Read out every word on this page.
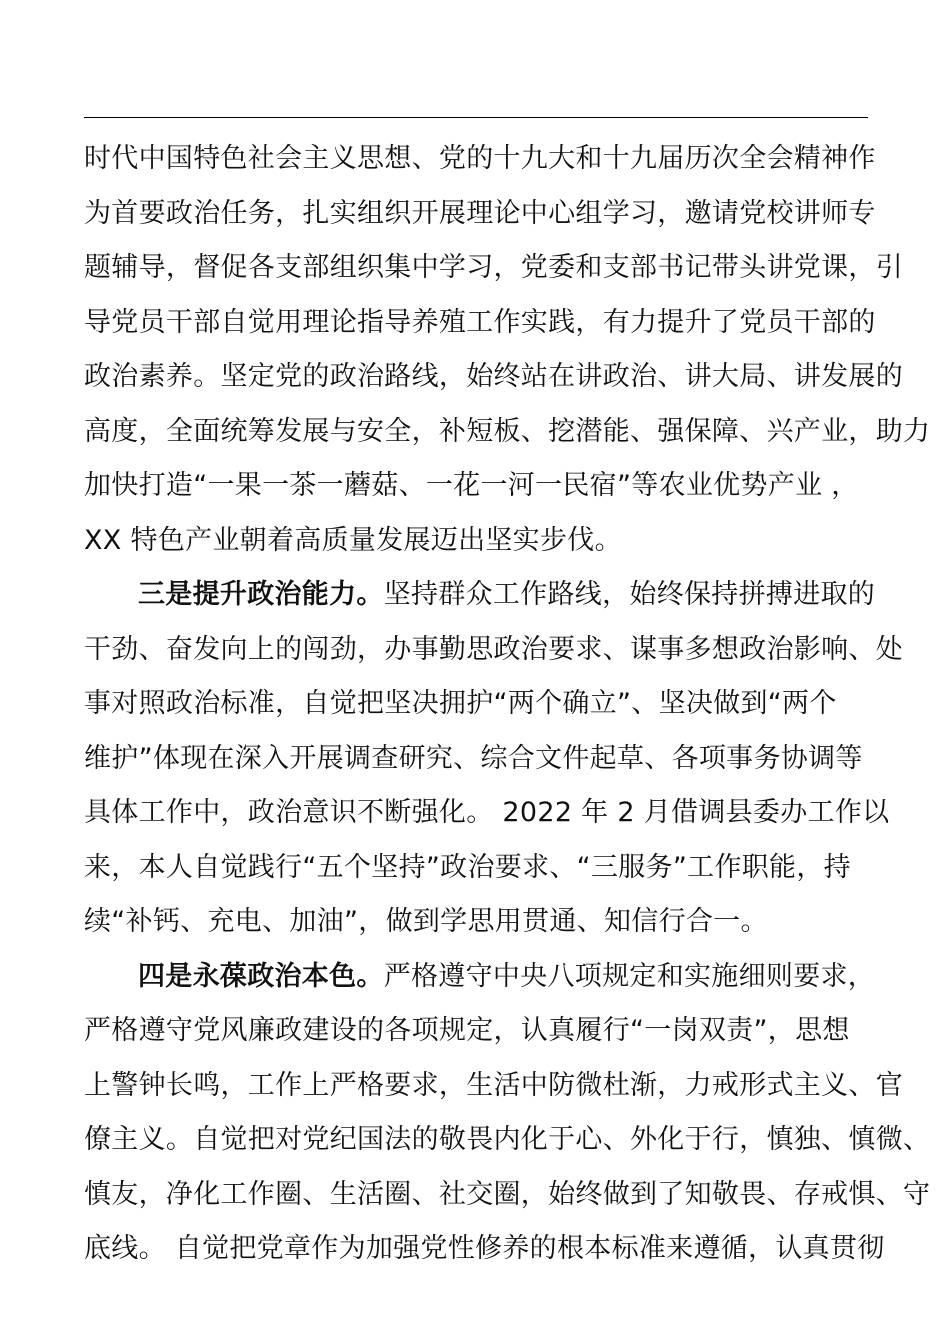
时代中国特色社会主义思想、党的十九大和十九届历次全会精神作
为首要政治任务，扎实组织开展理论中心组学习，邀请党校讲师专
题辅导，督促各支部组织集中学习，党委和支部书记带头讲党课，引
导党员干部自觉用理论指导养殖工作实践，有力提升了党员干部的
政治素养。坚定党的政治路线，始终站在讲政治、讲大局、讲发展的
高度，全面统筹发展与安全，补短板、挖潜能、强保障、兴产业，助力
加快打造“一果一茶一蘑菇、一花一河一民宿”等农业优势产业 ，
XX 特色产业朝着高质量发展迈出坚实步伐。
三是提升政治能力。坚持群众工作路线，始终保持拼搏进取的
干劲、奋发向上的闯劲，办事勤思政治要求、谋事多想政治影响、处
事对照政治标准，自觉把坚决拥护“两个确立”、坚决做到“两个
维护”体现在深入开展调查研究、综合文件起草、各项事务协调等
具体工作中，政治意识不断强化。 2022 年 2 月借调县委办工作以
来，本人自觉践行“五个坚持”政治要求、“三服务”工作职能，持
续“补钙、充电、加油”，做到学思用贯通、知信行合一。
四是永葆政治本色。严格遵守中央八项规定和实施细则要求，
严格遵守党风廉政建设的各项规定，认真履行“一岗双责”，思想
上警钟长鸣，工作上严格要求，生活中防微杜渐，力戒形式主义、官
僚主义。自觉把对党纪国法的敬畏内化于心、外化于行，慎独、慎微、
慎友，净化工作圈、生活圈、社交圈，始终做到了知敬畏、存戒惧、守
底线。 自觉把党章作为加强党性修养的根本标准来遵循，认真贯彻
